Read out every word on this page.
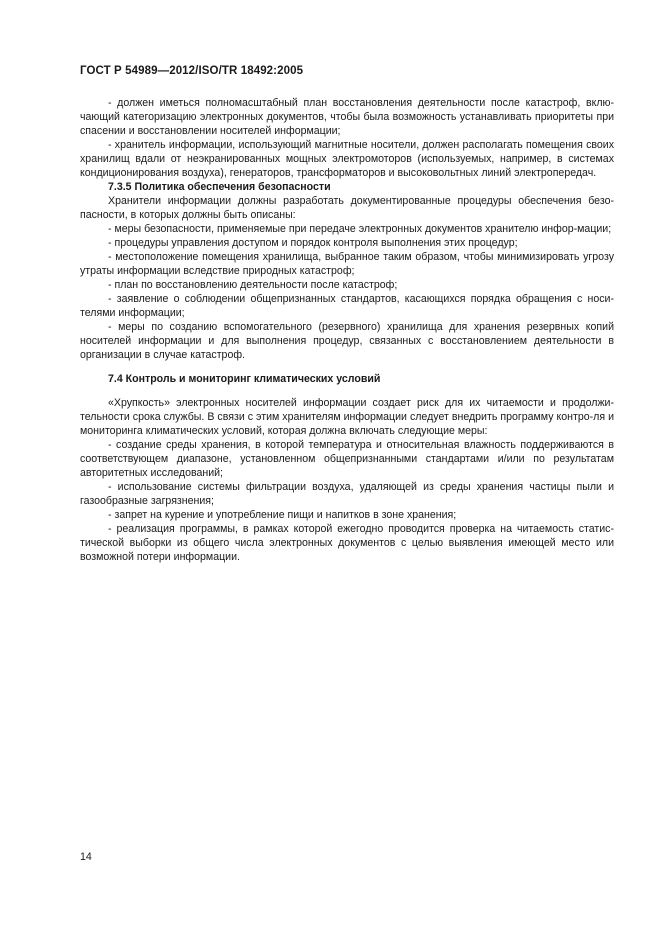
ГОСТ Р 54989—2012/ISO/TR 18492:2005

- должен иметься полномасштабный план восстановления деятельности после катастроф, вклю-чающий категоризацию электронных документов, чтобы была возможность устанавливать приоритеты при спасении и восстановлении носителей информации;

- хранитель информации, использующий магнитные носители, должен располагать помещения своих хранилищ вдали от неэкранированных мощных электромоторов (используемых, например, в системах кондиционирования воздуха), генераторов, трансформаторов и высоковольтных линий электропередач.

7.3.5 Политика обеспечения безопасности

Хранители информации должны разработать документированные процедуры обеспечения безо-пасности, в которых должны быть описаны:

- меры безопасности, применяемые при передаче электронных документов хранителю инфор-мации;

- процедуры управления доступом и порядок контроля выполнения этих процедур;

- местоположение помещения хранилища, выбранное таким образом, чтобы минимизировать угрозу утраты информации вследствие природных катастроф;

- план по восстановлению деятельности после катастроф;

- заявление о соблюдении общепризнанных стандартов, касающихся порядка обращения с носи-телями информации;

- меры по созданию вспомогательного (резервного) хранилища для хранения резервных копий носителей информации и для выполнения процедур, связанных с восстановлением деятельности в организации в случае катастроф.

7.4 Контроль и мониторинг климатических условий

«Хрупкость» электронных носителей информации создает риск для их читаемости и продолжи-тельности срока службы. В связи с этим хранителям информации следует внедрить программу контро-ля и мониторинга климатических условий, которая должна включать следующие меры:

- создание среды хранения, в которой температура и относительная влажность поддерживаются в соответствующем диапазоне, установленном общепризнанными стандартами и/или по результатам авторитетных исследований;

- использование системы фильтрации воздуха, удаляющей из среды хранения частицы пыли и газообразные загрязнения;

- запрет на курение и употребление пищи и напитков в зоне хранения;

- реализация программы, в рамках которой ежегодно проводится проверка на читаемость статис-тической выборки из общего числа электронных документов с целью выявления имеющей место или возможной потери информации.

14
